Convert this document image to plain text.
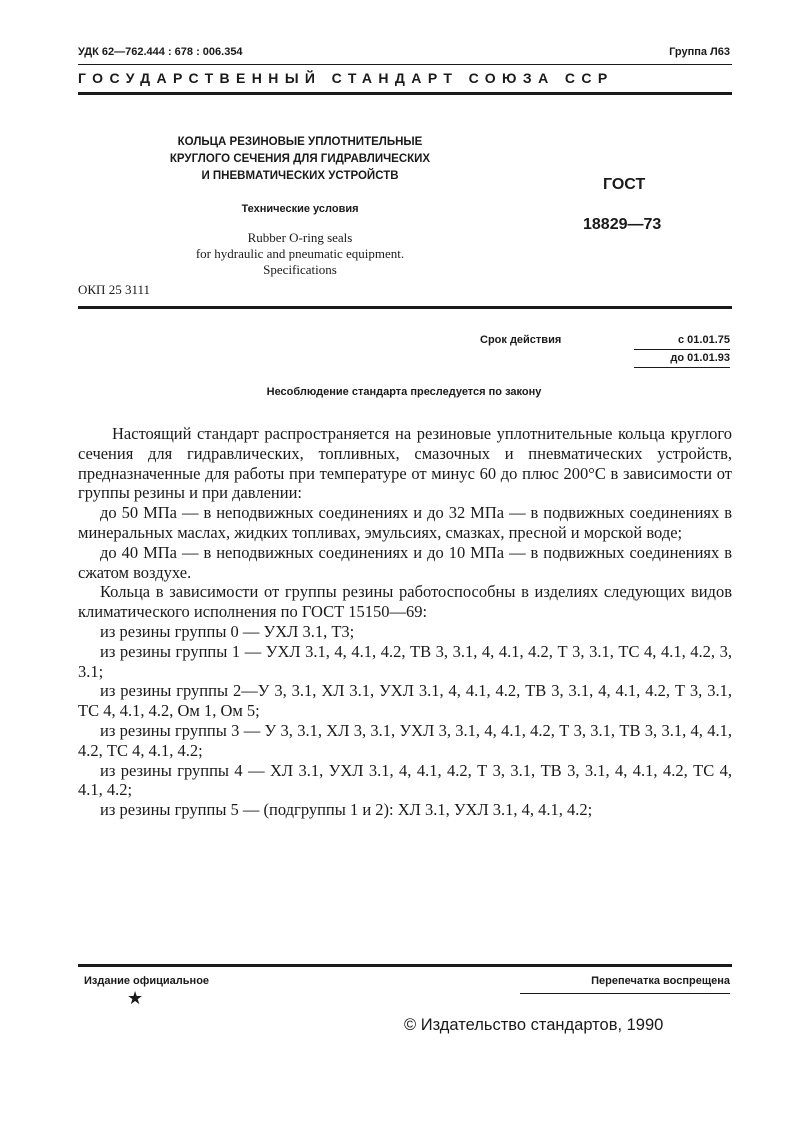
УДК 62—762.444 : 678 : 006.354	Группа Л63
ГОСУДАРСТВЕННЫЙ СТАНДАРТ СОЮЗА ССР
КОЛЬЦА РЕЗИНОВЫЕ УПЛОТНИТЕЛЬНЫЕ
КРУГЛОГО СЕЧЕНИЯ ДЛЯ ГИДРАВЛИЧЕСКИХ
И ПНЕВМАТИЧЕСКИХ УСТРОЙСТВ
Технические условия
Rubber O-ring seals
for hydraulic and pneumatic equipment.
Specifications
ГОСТ
18829—73
ОКП 25 3111
Срок действия	с 01.01.75
до 01.01.93
Несоблюдение стандарта преследуется по закону

Настоящий стандарт распространяется на резиновые уплотнительные кольца круглого сечения для гидравлических, топливных, смазочных и пневматических устройств, предназначенные для работы при температуре от минус 60 до плюс 200°С в зависимости от группы резины и при давлении:

до 50 МПа — в неподвижных соединениях и до 32 МПа — в подвижных соединениях в минеральных маслах, жидких топливах, эмульсиях, смазках, пресной и морской воде;

до 40 МПа — в неподвижных соединениях и до 10 МПа — в подвижных соединениях в сжатом воздухе.

Кольца в зависимости от группы резины работоспособны в изделиях следующих видов климатического исполнения по ГОСТ 15150—69:

из резины группы 0 — УХЛ 3.1, Т3;

из резины группы 1 — УХЛ 3.1, 4, 4.1, 4.2, ТВ 3, 3.1, 4, 4.1, 4.2, Т 3, 3.1, ТС 4, 4.1, 4.2, 3, 3.1;

из резины группы 2—У 3, 3.1, ХЛ 3.1, УХЛ 3.1, 4, 4.1, 4.2, ТВ 3, 3.1, 4, 4.1, 4.2, Т 3, 3.1, ТС 4, 4.1, 4.2, Ом 1, Ом 5;

из резины группы 3 — У 3, 3.1, ХЛ 3, 3.1, УХЛ 3, 3.1, 4, 4.1, 4.2, Т 3, 3.1, ТВ 3, 3.1, 4, 4.1, 4.2, ТС 4, 4.1, 4.2;

из резины группы 4 — ХЛ 3.1, УХЛ 3.1, 4, 4.1, 4.2, Т 3, 3.1, ТВ 3, 3.1, 4, 4.1, 4.2, ТС 4, 4.1, 4.2;

из резины группы 5 — (подгруппы 1 и 2): ХЛ 3.1, УХЛ 3.1, 4, 4.1, 4.2;

Издание официальное
★
Перепечатка воспрещена
© Издательство стандартов, 1990
